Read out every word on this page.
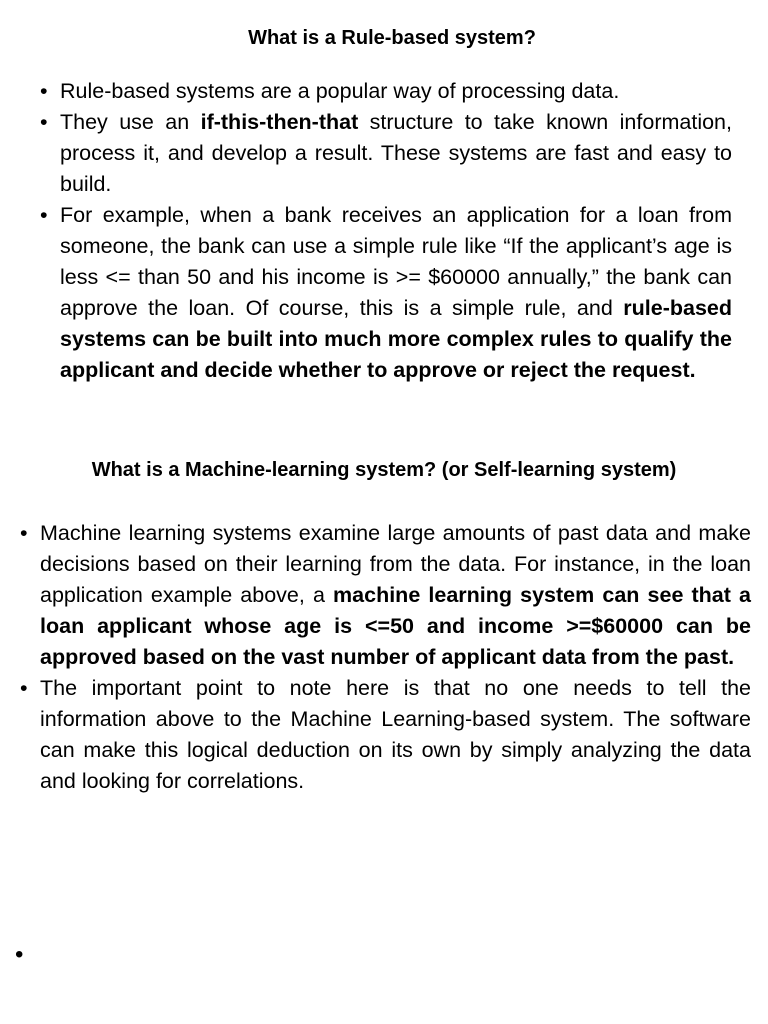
What is a Rule-based system?
• Rule-based systems are a popular way of processing data.
• They use an if-this-then-that structure to take known information, process it, and develop a result. These systems are fast and easy to build.
• For example, when a bank receives an application for a loan from someone, the bank can use a simple rule like “If the applicant’s age is less <= than 50 and his income is >= $60000 annually,” the bank can approve the loan. Of course, this is a simple rule, and rule-based systems can be built into much more complex rules to qualify the applicant and decide whether to approve or reject the request.
What is a Machine-learning system? (or Self-learning system)
• Machine learning systems examine large amounts of past data and make decisions based on their learning from the data. For instance, in the loan application example above, a machine learning system can see that a loan applicant whose age is <=50 and income >=$60000 can be approved based on the vast number of applicant data from the past.
• The important point to note here is that no one needs to tell the information above to the Machine Learning-based system. The software can make this logical deduction on its own by simply analyzing the data and looking for correlations.
•
